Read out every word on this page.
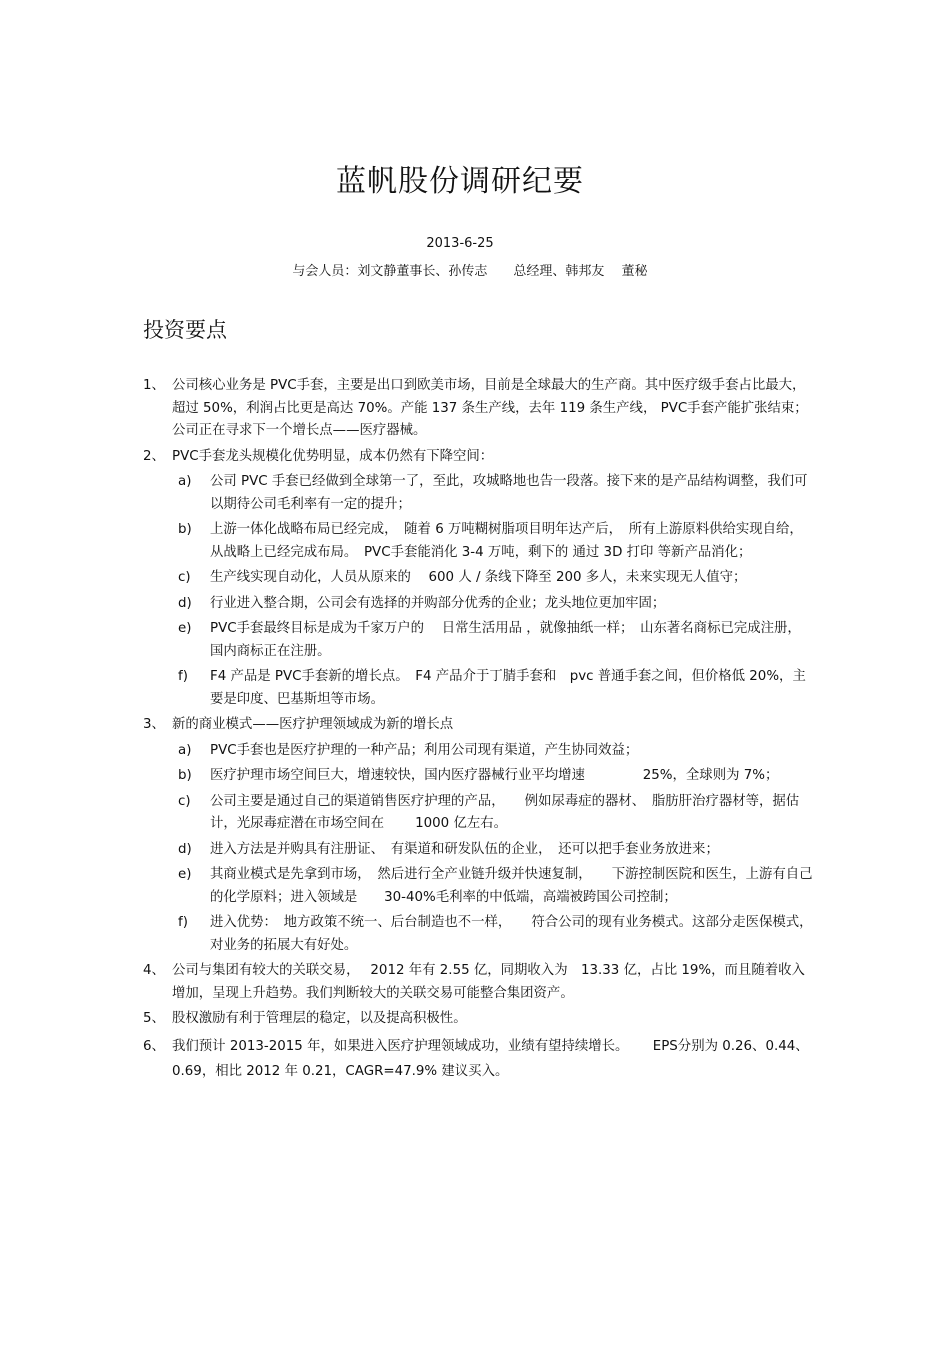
蓝帆股份调研纪要
2013-6-25
与会人员：刘文静董事长、孙传志　　总经理、韩邦友　 董秘
投资要点
1、 公司核心业务是 PVC手套，主要是出口到欧美市场，目前是全球最大的生产商。其中医疗级手套占比最大，超过 50%，利润占比更是高达 70%。产能 137 条生产线，去年 119 条生产线， PVC手套产能扩张结束；公司正在寻求下一个增长点——医疗器械。
2、 PVC手套龙头规模化优势明显，成本仍然有下降空间：
a) 公司 PVC 手套已经做到全球第一了，至此，攻城略地也告一段落。接下来的是产品结构调整，我们可以期待公司毛利率有一定的提升；
b) 上游一体化战略布局已经完成，　随着 6 万吨糊树脂项目明年达产后，　所有上游原料供给实现自给，　从战略上已经完成布局。　PVC手套能消化 3-4 万吨，剩下的 通过 3D 打印 等新产品消化；
c) 生产线实现自动化，人员从原来的　 600 人 / 条线下降至 200 多人，未来实现无人值守；
d) 行业进入整合期，公司会有选择的并购部分优秀的企业；龙头地位更加牢固；
e) PVC手套最终目标是成为千家万户的　 日常生活用品 ，就像抽纸一样；　山东著名商标已完成注册，国内商标正在注册。
f) F4 产品是 PVC手套新的增长点。　F4 产品介于丁腈手套和　pvc 普通手套之间，但价格低 20%，主要是印度、巴基斯坦等市场。
3、 新的商业模式——医疗护理领域成为新的增长点
a) PVC手套也是医疗护理的一种产品；利用公司现有渠道，产生协同效益；
b) 医疗护理市场空间巨大，增速较快，国内医疗器械行业平均增速　　　　 25%，全球则为 7%；
c) 公司主要是通过自己的渠道销售医疗护理的产品，　　例如尿毒症的器材、　脂肪肝治疗器材等，据估计，光尿毒症潜在市场空间在　　 1000 亿左右。
d) 进入方法是并购具有注册证、　有渠道和研发队伍的企业，　还可以把手套业务放进来；
e) 其商业模式是先拿到市场，　然后进行全产业链升级并快速复制，　　下游控制医院和医生，上游有自己的化学原料；进入领域是　　30-40%毛利率的中低端，高端被跨国公司控制；
f) 进入优势：　地方政策不统一、后台制造也不一样，　　符合公司的现有业务模式。这部分走医保模式，对业务的拓展大有好处。
4、 公司与集团有较大的关联交易，　 2012 年有 2.55 亿，同期收入为　13.33 亿，占比 19%，而且随着收入增加，呈现上升趋势。我们判断较大的关联交易可能整合集团资产。
5、 股权激励有利于管理层的稳定，以及提高积极性。
6、 我们预计 2013-2015 年，如果进入医疗护理领域成功，业绩有望持续增长。　　 EPS分别为 0.26、0.44、0.69，相比 2012 年 0.21，CAGR=47.9% 建议买入。
